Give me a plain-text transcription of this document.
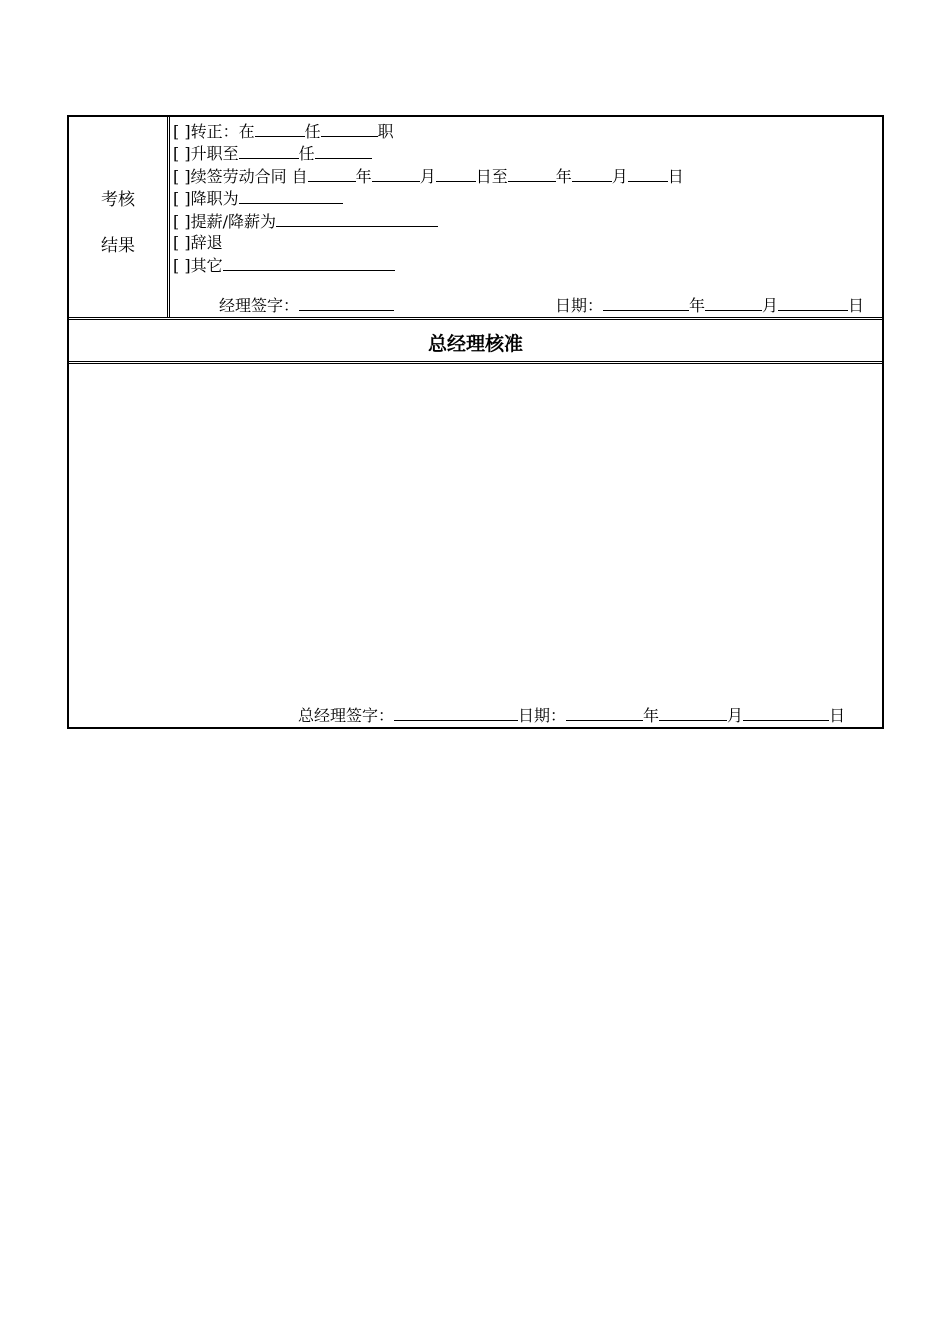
考核
结果
[ ]转正：在	任	职
[ ]升职至	任
[ ]续签劳动合同 自	年	月	日至	年	月	日
[ ]降职为
[ ]提薪/降薪为
[ ]辞退
[ ]其它
经理签字：	日期：	年	月	日
总经理核准
总经理签字：	日期：	年	月	日
